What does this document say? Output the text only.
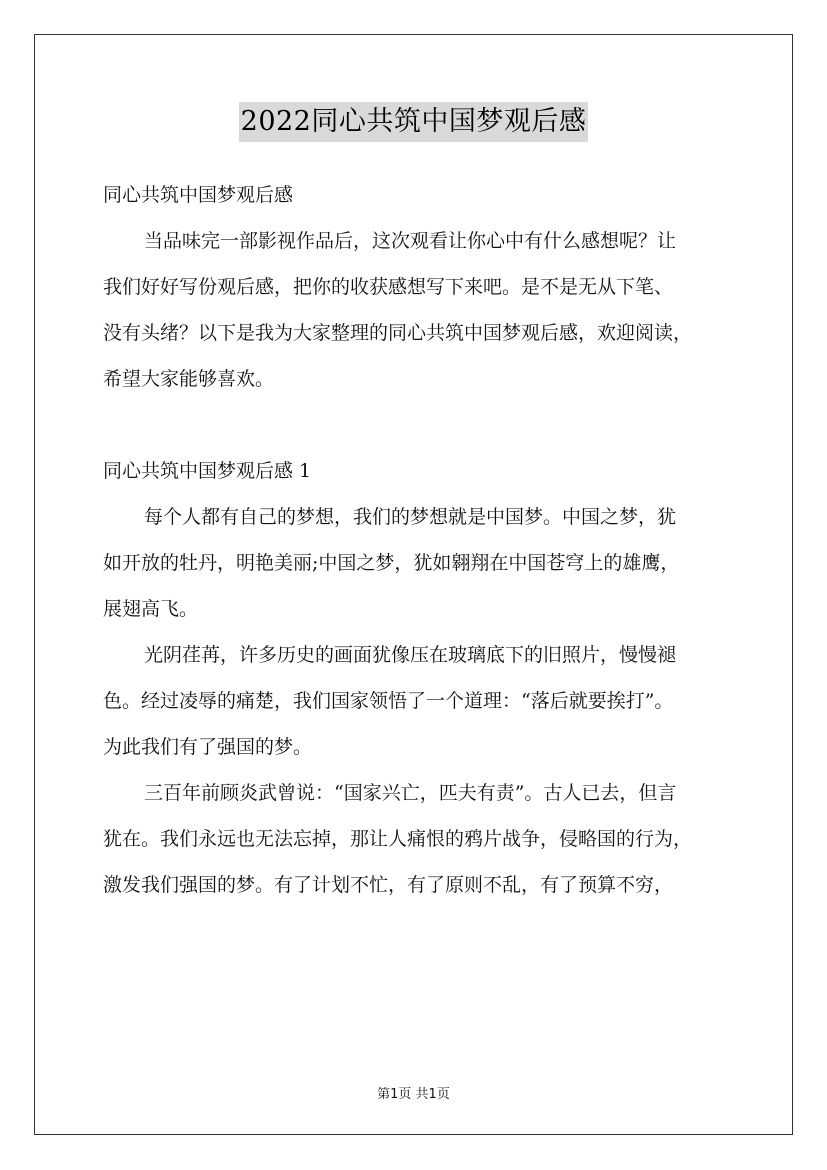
2022同心共筑中国梦观后感
同心共筑中国梦观后感
当品味完一部影视作品后，这次观看让你心中有什么感想呢？让
我们好好写份观后感，把你的收获感想写下来吧。是不是无从下笔、
没有头绪？以下是我为大家整理的同心共筑中国梦观后感，欢迎阅读，
希望大家能够喜欢。
同心共筑中国梦观后感 1
每个人都有自己的梦想，我们的梦想就是中国梦。中国之梦，犹
如开放的牡丹，明艳美丽;中国之梦，犹如翱翔在中国苍穹上的雄鹰，
展翅高飞。
光阴荏苒，许多历史的画面犹像压在玻璃底下的旧照片，慢慢褪
色。经过凌辱的痛楚，我们国家领悟了一个道理：“落后就要挨打”。
为此我们有了强国的梦。
三百年前顾炎武曾说：“国家兴亡，匹夫有责”。古人已去，但言
犹在。我们永远也无法忘掉，那让人痛恨的鸦片战争，侵略国的行为，
激发我们强国的梦。有了计划不忙，有了原则不乱，有了预算不穷，
第1页 共1页
